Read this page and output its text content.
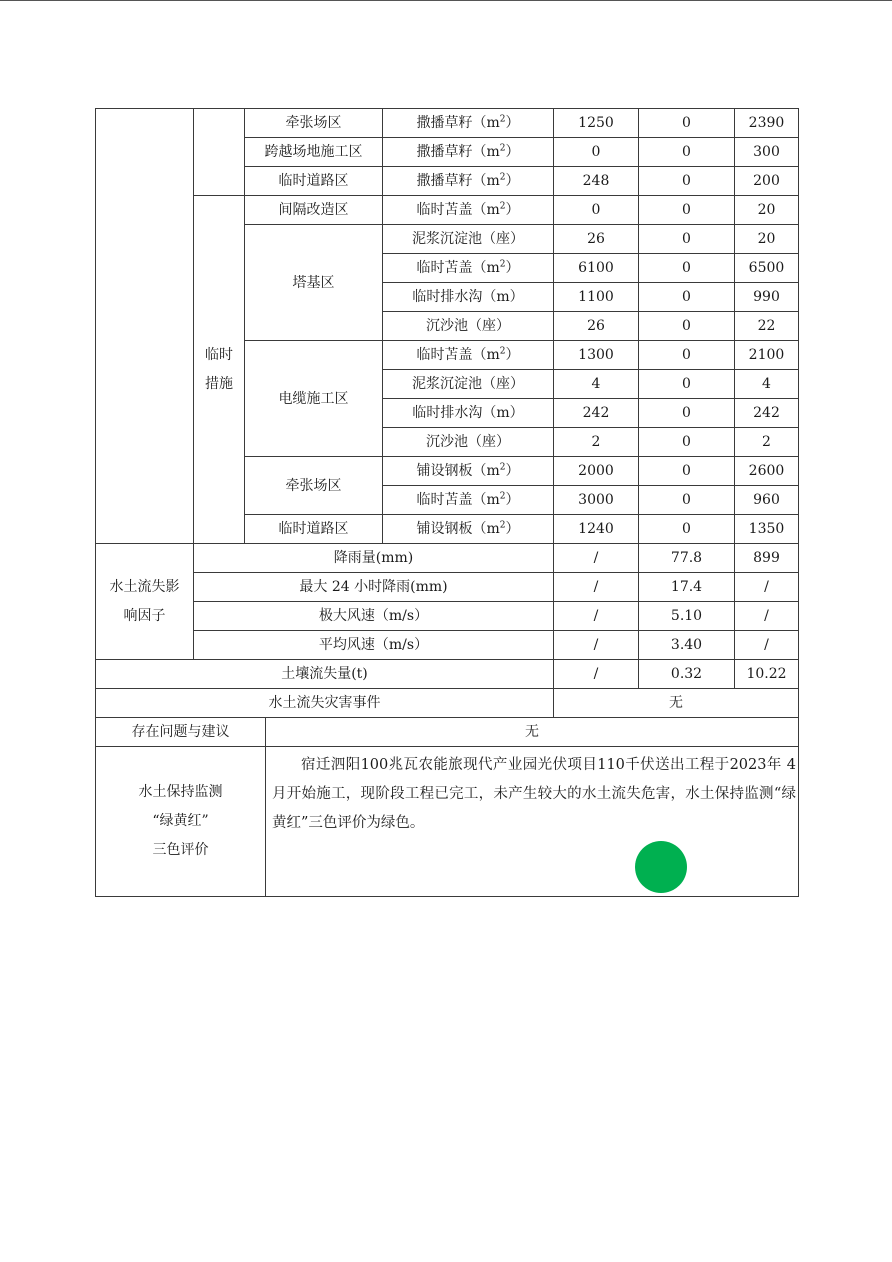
		牵张场区		撒播草籽$(m^2)$	1250	0	2390
		跨越场地施工区		撒播草籽$(m^2)$	0	0	300
		临时道路区		撒播草籽$(m^2)$	248	0	200

	临时
措施	间隔改造区		临时苫盖$(m^2)$	0	0	20
		塔基区		泥浆沉淀池（座）	26	0	20
				临时苫盖$(m^2)$	6100	0	6500
				临时排水沟（m）	1100	0	990
				沉沙池（座）	26	0	22
		电缆施工区		临时苫盖$(m^2)$	1300	0	2100
				泥浆沉淀池（座）	4	0	4
				临时排水沟（m）	242	0	242
				沉沙池（座）	2	0	2
		牵张场区		铺设钢板$(m^2)$	2000	0	2600
				临时苫盖$(m^2)$	3000	0	960
		临时道路区		铺设钢板$(m^2)$	1240	0	1350

水土流失影
响因子	降雨量(mm)				/	77.8	899
	最大 24 小时降雨(mm)				/	17.4	/
	极大风速（m/s）				/	5.10	/
	平均风速（m/s）				/	3.40	/
土壤流失量(t)					/	0.32	10.22
水土流失灾害事件					无		
存在问题与建议			无				

水土保持监测
“绿黄红”
三色评价			宿迁泗阳100兆瓦农能旅现代产业园光伏项目110千伏送出工程于2023年 4 月开始施工，现阶段工程已完工，未产生较大的水土流失危害，水土保持监测“绿黄红”三色评价为绿色。				
